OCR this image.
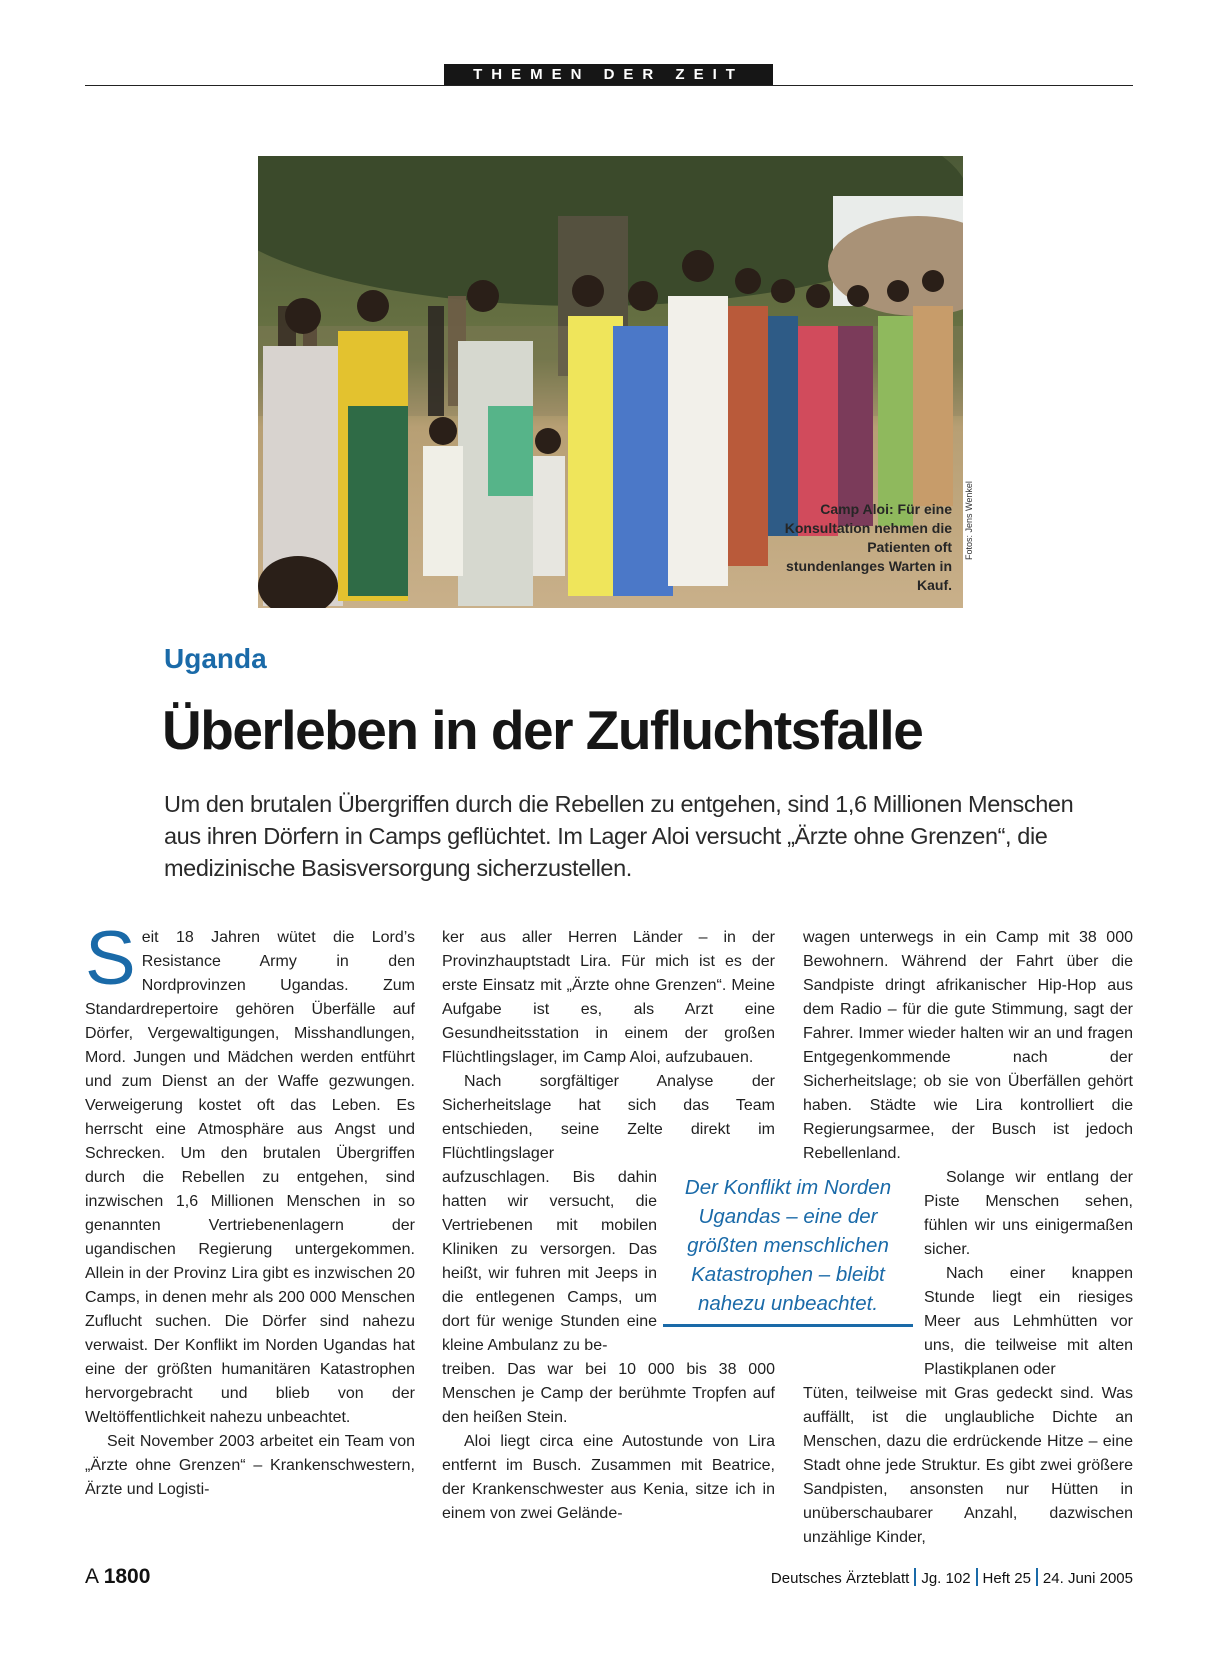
THEMEN DER ZEIT
Camp Aloi: Für eine Konsultation nehmen die Patienten oft stundenlanges Warten in Kauf.
Fotos: Jens Wenkel
Uganda
Überleben in der Zufluchtsfalle
Um den brutalen Übergriffen durch die Rebellen zu entgehen, sind 1,6 Millionen Menschen aus ihren Dörfern in Camps geflüchtet. Im Lager Aloi versucht „Ärzte ohne Grenzen“, die medizinische Basisversorgung sicherzustellen.

Seit 18 Jahren wütet die Lord’s Resistance Army in den Nordprovinzen Ugandas. Zum Standardrepertoire gehören Überfälle auf Dörfer, Vergewaltigungen, Misshandlungen, Mord. Jungen und Mädchen werden entführt und zum Dienst an der Waffe gezwungen. Verweigerung kostet oft das Leben. Es herrscht eine Atmosphäre aus Angst und Schrecken. Um den brutalen Übergriffen durch die Rebellen zu entgehen, sind inzwischen 1,6 Millionen Menschen in so genannten Vertriebenenlagern der ugandischen Regierung untergekommen. Allein in der Provinz Lira gibt es inzwischen 20 Camps, in denen mehr als 200 000 Menschen Zuflucht suchen. Die Dörfer sind nahezu verwaist. Der Konflikt im Norden Ugandas hat eine der größten humanitären Katastrophen hervorgebracht und blieb von der Weltöffentlichkeit nahezu unbeachtet.

Seit November 2003 arbeitet ein Team von „Ärzte ohne Grenzen“ – Krankenschwestern, Ärzte und Logisti-

ker aus aller Herren Länder – in der Provinzhauptstadt Lira. Für mich ist es der erste Einsatz mit „Ärzte ohne Grenzen“. Meine Aufgabe ist es, als Arzt eine Gesundheitsstation in einem der großen Flüchtlingslager, im Camp Aloi, aufzubauen.

Nach sorgfältiger Analyse der Sicherheitslage hat sich das Team entschieden, seine Zelte direkt im Flüchtlingslager

aufzuschlagen. Bis dahin hatten wir versucht, die Vertriebenen mit mobilen Kliniken zu versorgen. Das heißt, wir fuhren mit Jeeps in die entlegenen Camps, um dort für wenige Stunden eine kleine Ambulanz zu be-

treiben. Das war bei 10 000 bis 38 000 Menschen je Camp der berühmte Tropfen auf den heißen Stein.

Aloi liegt circa eine Autostunde von Lira entfernt im Busch. Zusammen mit Beatrice, der Krankenschwester aus Kenia, sitze ich in einem von zwei Gelände-

wagen unterwegs in ein Camp mit 38 000 Bewohnern. Während der Fahrt über die Sandpiste dringt afrikanischer Hip-Hop aus dem Radio – für die gute Stimmung, sagt der Fahrer. Immer wieder halten wir an und fragen Entgegenkommende nach der Sicherheitslage; ob sie von Überfällen gehört haben. Städte wie Lira kontrolliert die Regierungsarmee, der Busch ist jedoch Rebellenland.

Solange wir entlang der Piste Menschen sehen, fühlen wir uns einigermaßen sicher.

Nach einer knappen Stunde liegt ein riesiges Meer aus Lehmhütten vor uns, die teilweise mit alten Plastikplanen oder

Tüten, teilweise mit Gras gedeckt sind. Was auffällt, ist die unglaubliche Dichte an Menschen, dazu die erdrückende Hitze – eine Stadt ohne jede Struktur. Es gibt zwei größere Sandpisten, ansonsten nur Hütten in unüberschaubarer Anzahl, dazwischen unzählige Kinder,

Der Konflikt im Norden Ugandas – eine der größten menschlichen Katastrophen – bleibt nahezu unbeachtet.
A 1800	Deutsches Ärzteblatt Jg. 102 Heft 25 24. Juni 2005
